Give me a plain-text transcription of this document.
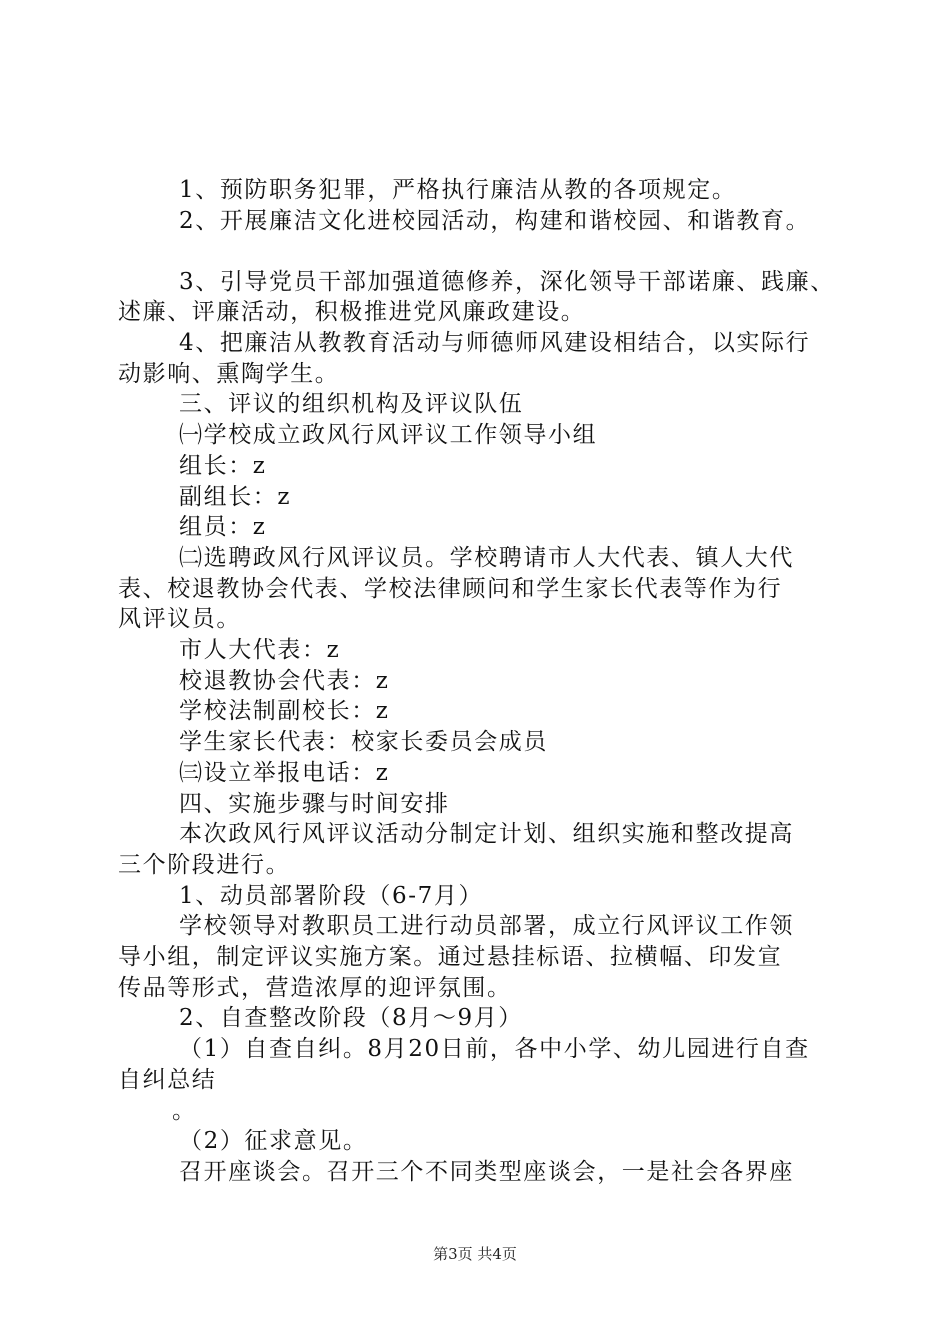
1、预防职务犯罪，严格执行廉洁从教的各项规定。
2、开展廉洁文化进校园活动，构建和谐校园、和谐教育。
3、引导党员干部加强道德修养，深化领导干部诺廉、践廉、
述廉、评廉活动，积极推进党风廉政建设。
4、把廉洁从教教育活动与师德师风建设相结合，以实际行
动影响、熏陶学生。
三、评议的组织机构及评议队伍
㈠学校成立政风行风评议工作领导小组
组长：z
副组长：z
组员：z
㈡选聘政风行风评议员。学校聘请市人大代表、镇人大代
表、校退教协会代表、学校法律顾问和学生家长代表等作为行
风评议员。
市人大代表：z
校退教协会代表：z
学校法制副校长：z
学生家长代表：校家长委员会成员
㈢设立举报电话：z
四、实施步骤与时间安排
本次政风行风评议活动分制定计划、组织实施和整改提高
三个阶段进行。
1、动员部署阶段（6-7月）
学校领导对教职员工进行动员部署，成立行风评议工作领
导小组，制定评议实施方案。通过悬挂标语、拉横幅、印发宣
传品等形式，营造浓厚的迎评氛围。
2、自查整改阶段（8月～9月）
（1）自查自纠。8月20日前，各中小学、幼儿园进行自查
自纠总结
。
（2）征求意见。
召开座谈会。召开三个不同类型座谈会，一是社会各界座
第3页 共4页
